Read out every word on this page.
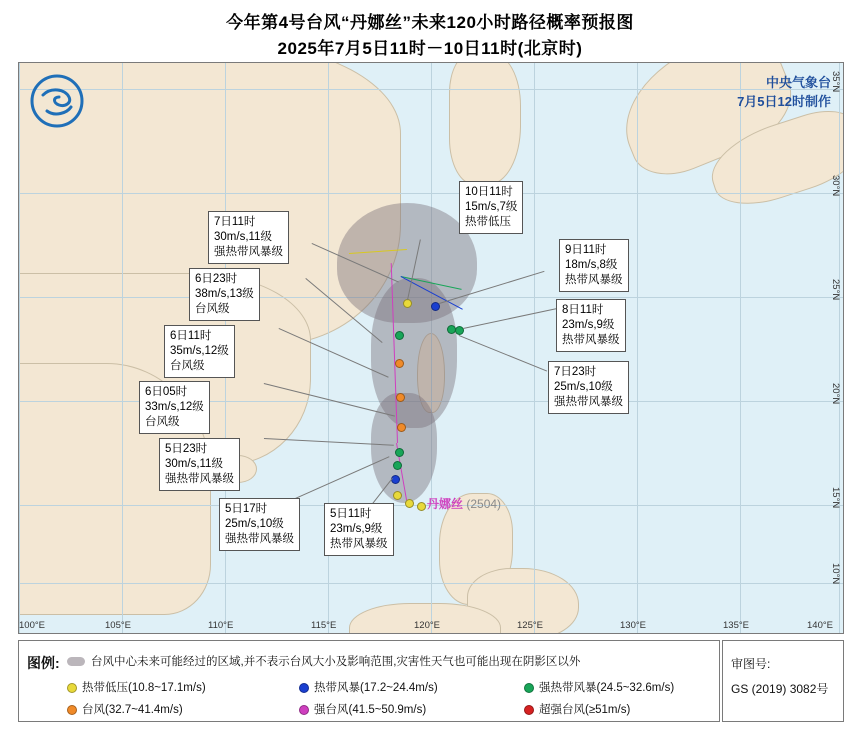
今年第4号台风“丹娜丝”未来120小时路径概率预报图
2025年7月5日11时－10日11时(北京时)
100°E	105°E	110°E	115°E	120°E	125°E	130°E	135°E	140°E
35°N
30°N
25°N
20°N
15°N
10°N
中央气象台
7月5日12时制作
丹娜丝 (2504)
10日11时
15m/s,7级
热带低压
9日11时
18m/s,8级
热带风暴级
8日11时
23m/s,9级
热带风暴级
7日23时
25m/s,10级
强热带风暴级
7日11时
30m/s,11级
强热带风暴级
6日23时
38m/s,13级
台风级
6日11时
35m/s,12级
台风级
6日05时
33m/s,12级
台风级
5日23时
30m/s,11级
强热带风暴级
5日17时
25m/s,10级
强热带风暴级
5日11时
23m/s,9级
热带风暴级
图例:	台风中心未来可能经过的区域,并不表示台风大小及影响范围,灾害性天气也可能出现在阴影区以外
热带低压(10.8~17.1m/s)	热带风暴(17.2~24.4m/s)	强热带风暴(24.5~32.6m/s)
台风(32.7~41.4m/s)	强台风(41.5~50.9m/s)	超强台风(≥51m/s)
审图号:
GS (2019) 3082号
